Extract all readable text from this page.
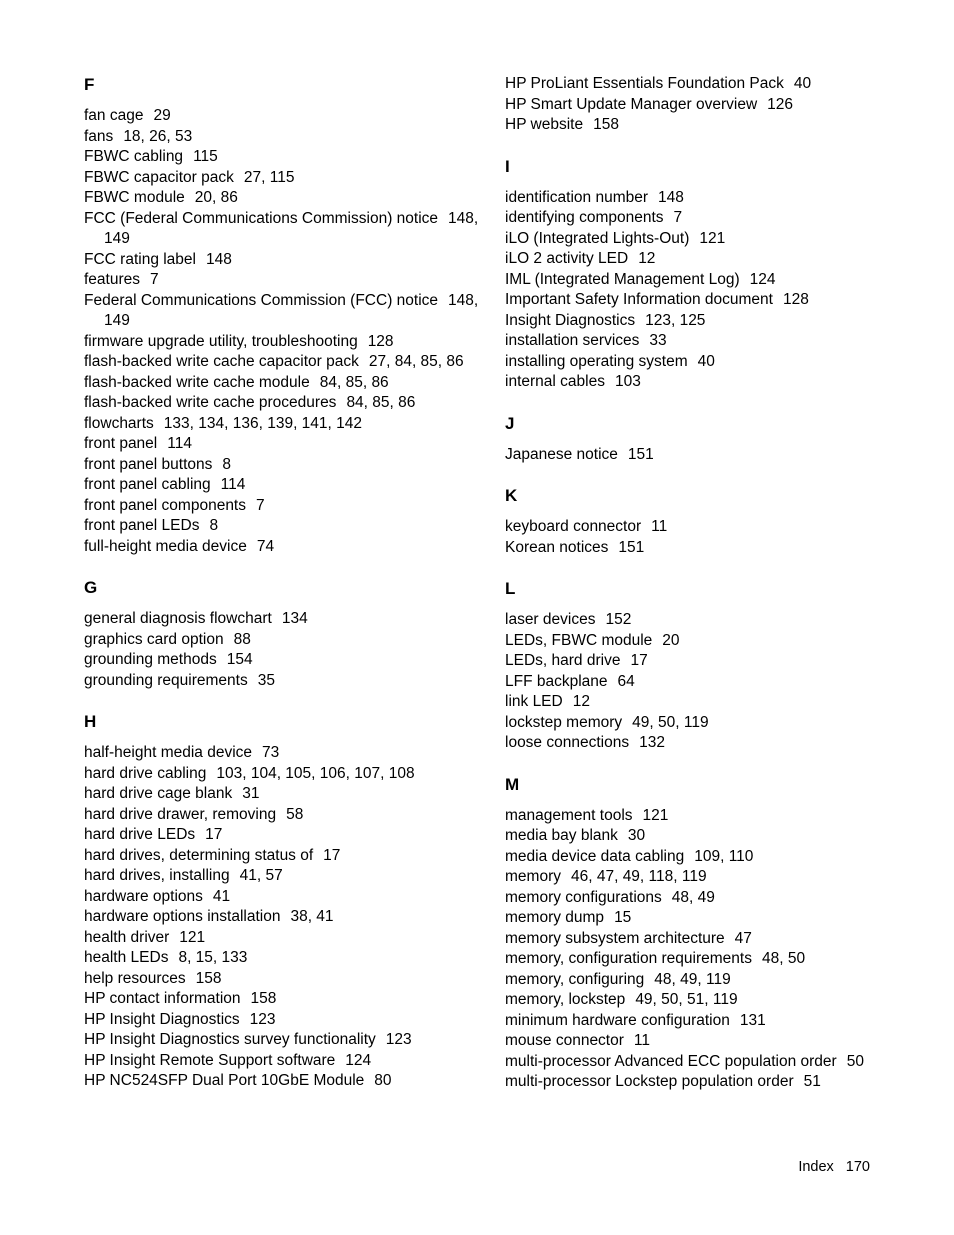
F
fan cage 29
fans 18, 26, 53
FBWC cabling 115
FBWC capacitor pack 27, 115
FBWC module 20, 86
FCC (Federal Communications Commission) notice 148, 149
FCC rating label 148
features 7
Federal Communications Commission (FCC) notice 148, 149
firmware upgrade utility, troubleshooting 128
flash-backed write cache capacitor pack 27, 84, 85, 86
flash-backed write cache module 84, 85, 86
flash-backed write cache procedures 84, 85, 86
flowcharts 133, 134, 136, 139, 141, 142
front panel 114
front panel buttons 8
front panel cabling 114
front panel components 7
front panel LEDs 8
full-height media device 74
G
general diagnosis flowchart 134
graphics card option 88
grounding methods 154
grounding requirements 35
H
half-height media device 73
hard drive cabling 103, 104, 105, 106, 107, 108
hard drive cage blank 31
hard drive drawer, removing 58
hard drive LEDs 17
hard drives, determining status of 17
hard drives, installing 41, 57
hardware options 41
hardware options installation 38, 41
health driver 121
health LEDs 8, 15, 133
help resources 158
HP contact information 158
HP Insight Diagnostics 123
HP Insight Diagnostics survey functionality 123
HP Insight Remote Support software 124
HP NC524SFP Dual Port 10GbE Module 80
HP ProLiant Essentials Foundation Pack 40
HP Smart Update Manager overview 126
HP website 158
I
identification number 148
identifying components 7
iLO (Integrated Lights-Out) 121
iLO 2 activity LED 12
IML (Integrated Management Log) 124
Important Safety Information document 128
Insight Diagnostics 123, 125
installation services 33
installing operating system 40
internal cables 103
J
Japanese notice 151
K
keyboard connector 11
Korean notices 151
L
laser devices 152
LEDs, FBWC module 20
LEDs, hard drive 17
LFF backplane 64
link LED 12
lockstep memory 49, 50, 119
loose connections 132
M
management tools 121
media bay blank 30
media device data cabling 109, 110
memory 46, 47, 49, 118, 119
memory configurations 48, 49
memory dump 15
memory subsystem architecture 47
memory, configuration requirements 48, 50
memory, configuring 48, 49, 119
memory, lockstep 49, 50, 51, 119
minimum hardware configuration 131
mouse connector 11
multi-processor Advanced ECC population order 50
multi-processor Lockstep population order 51
Index 170
